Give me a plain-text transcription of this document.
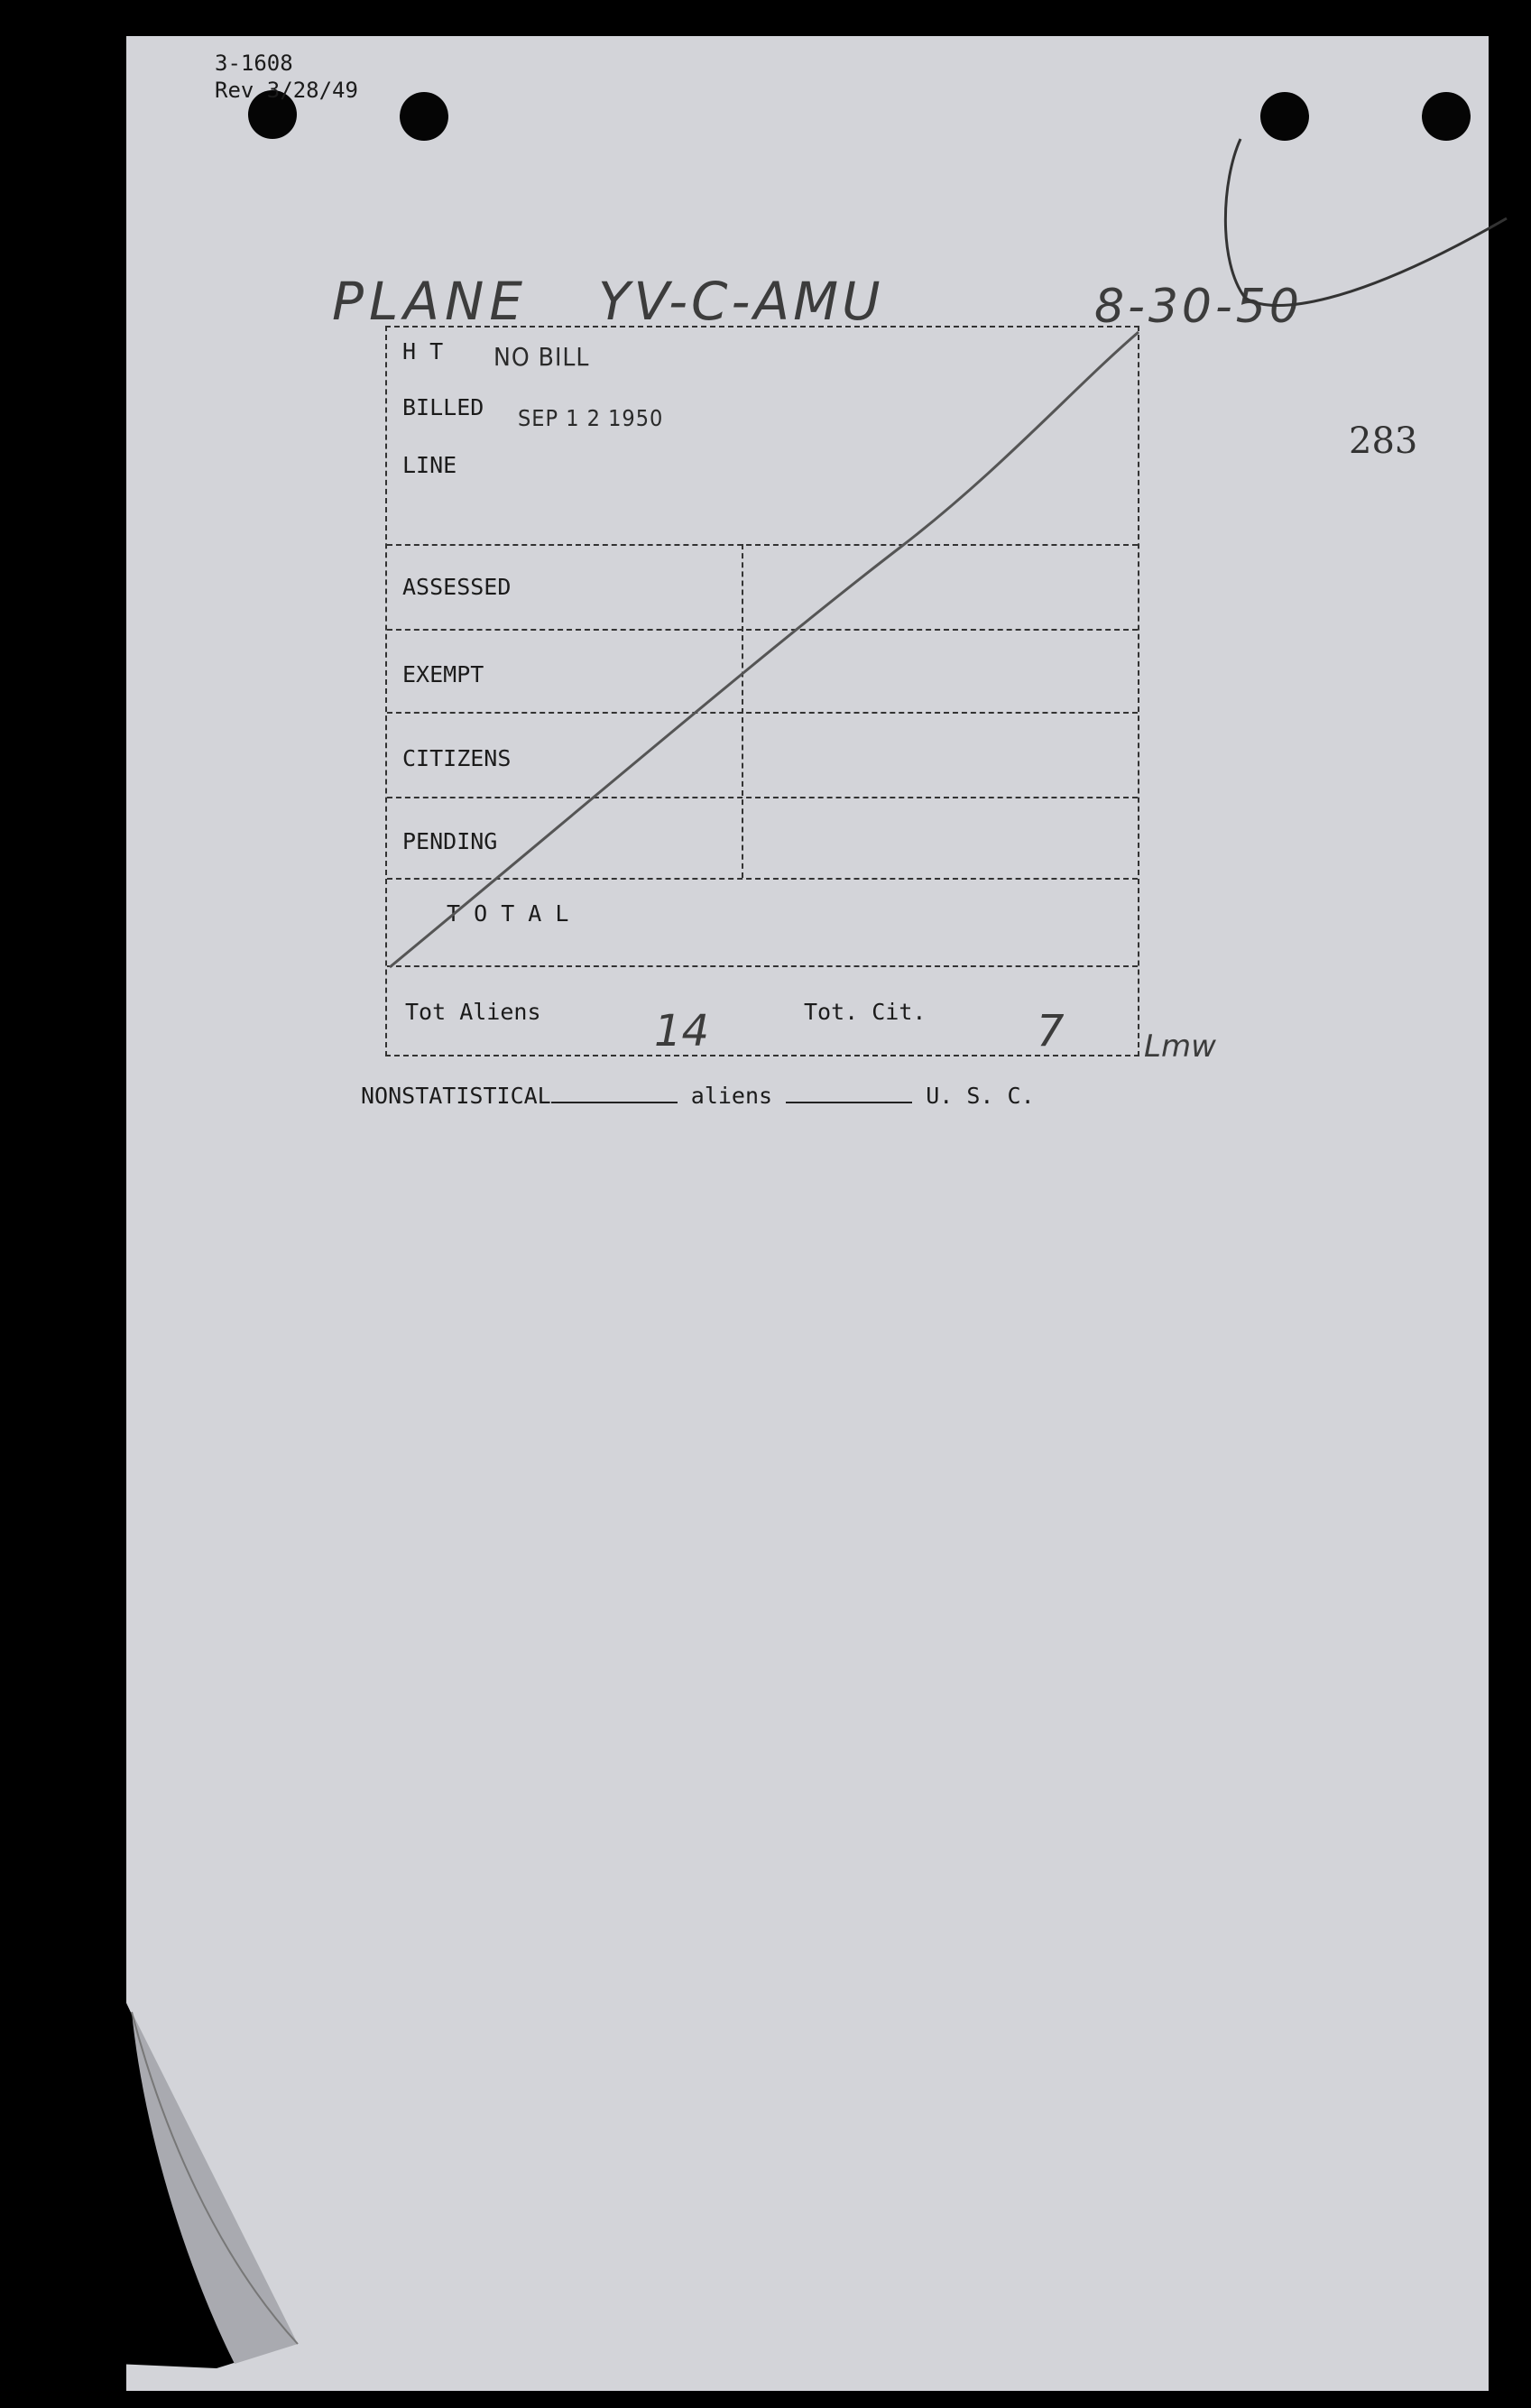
3-1608
Rev 3/28/49
283
PLANE YV-C-AMU	8-30-50
H T
BILLED
LINE
ASSESSED
EXEMPT
CITIZENS
PENDING
T O T A L
Tot Aliens	Tot. Cit.
14	7
NO BILL
SEP 1 2 1950
Lmw
NONSTATISTICAL	aliens	U. S. C.
